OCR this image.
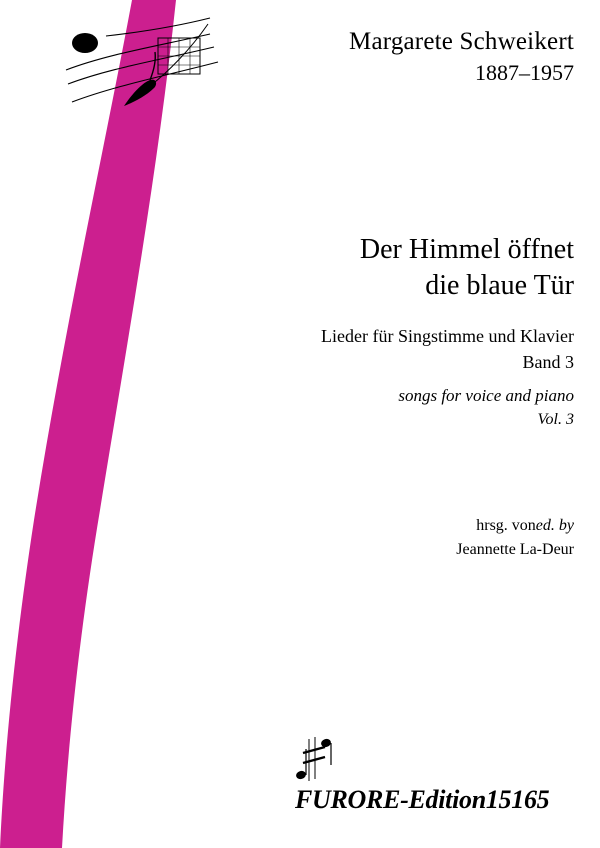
Margarete Schweikert
1887–1957
Der Himmel öffnet
die blaue Tür
Lieder für Singstimme und Klavier
Band 3
songs for voice and piano
Vol. 3
hrsg. voned. by
Jeannette La-Deur
FURORE-Edition15165
